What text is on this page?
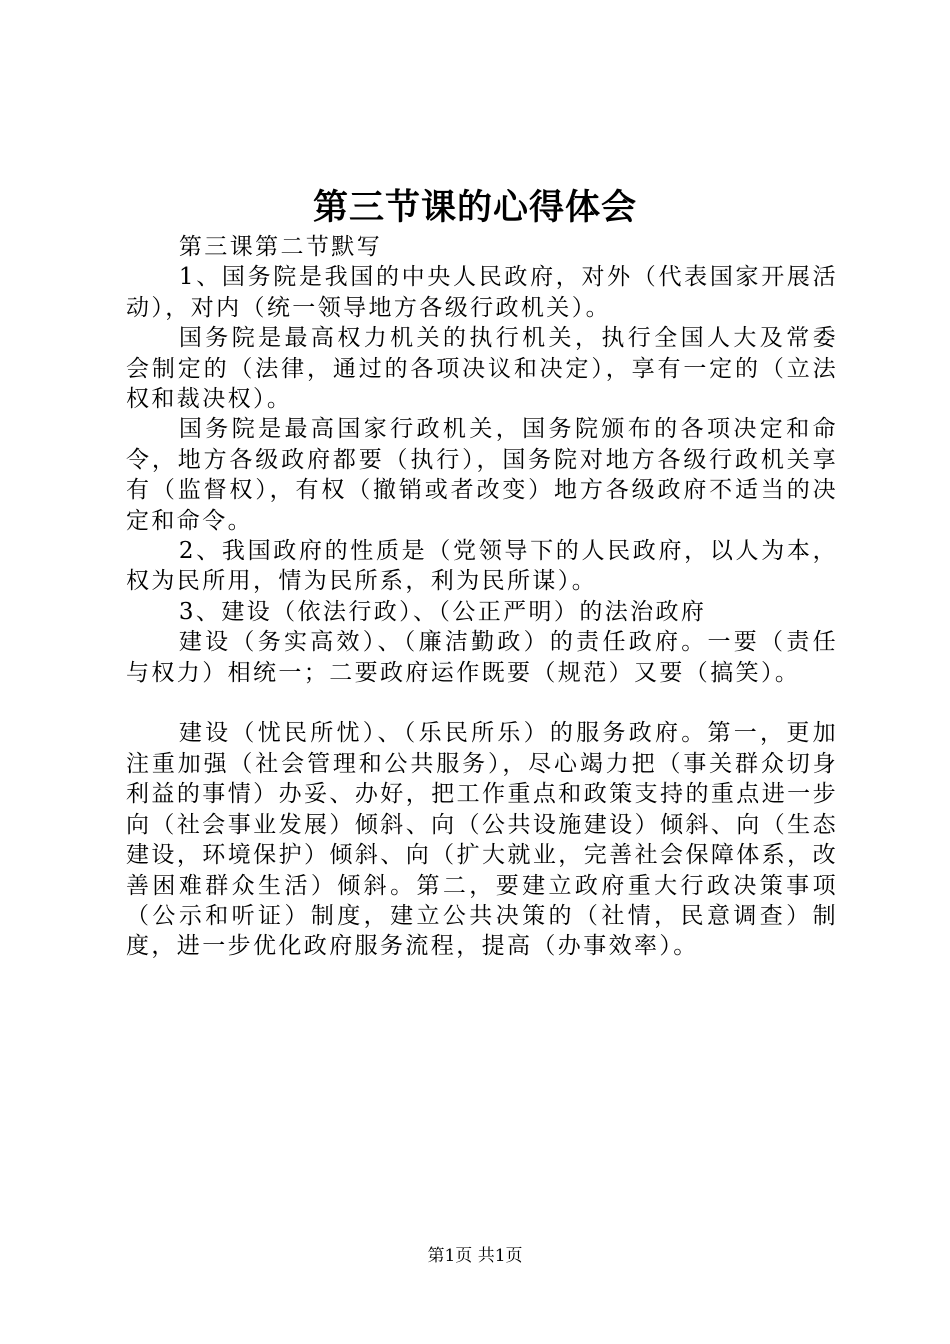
第三节课的心得体会

第三课第二节默写

1、国务院是我国的中央人民政府，对外（代表国家开展活动），对内（统一领导地方各级行政机关）。

国务院是最高权力机关的执行机关，执行全国人大及常委会制定的（法律，通过的各项决议和决定），享有一定的（立法权和裁决权）。

国务院是最高国家行政机关，国务院颁布的各项决定和命令，地方各级政府都要（执行），国务院对地方各级行政机关享有（监督权），有权（撤销或者改变）地方各级政府不适当的决定和命令。

2、我国政府的性质是（党领导下的人民政府，以人为本，权为民所用，情为民所系，利为民所谋）。

3、建设（依法行政）、（公正严明）的法治政府

建设（务实高效）、（廉洁勤政）的责任政府。一要（责任与权力）相统一；二要政府运作既要（规范）又要（搞笑）。

建设（忧民所忧）、（乐民所乐）的服务政府。第一，更加注重加强（社会管理和公共服务），尽心竭力把（事关群众切身利益的事情）办妥、办好，把工作重点和政策支持的重点进一步向（社会事业发展）倾斜、向（公共设施建设）倾斜、向（生态建设，环境保护）倾斜、向（扩大就业，完善社会保障体系，改善困难群众生活）倾斜。第二，要建立政府重大行政决策事项（公示和听证）制度，建立公共决策的（社情，民意调查）制度，进一步优化政府服务流程，提高（办事效率）。

第1页 共1页
